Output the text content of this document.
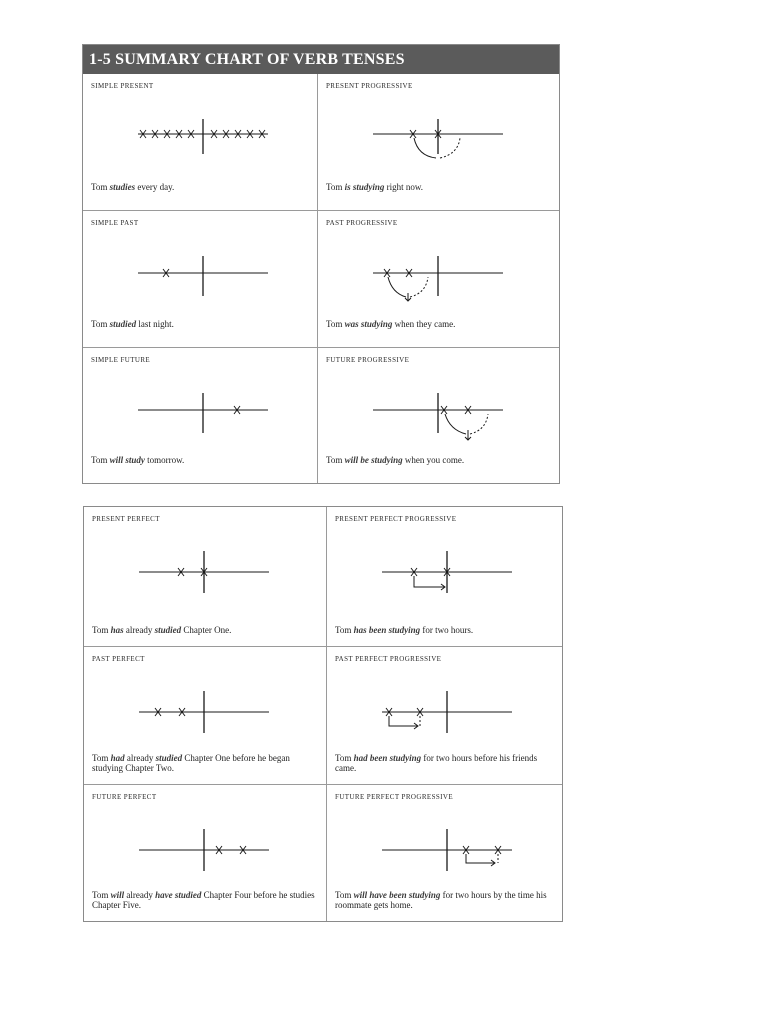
1-5 SUMMARY CHART OF VERB TENSES
SIMPLE PRESENT
Tom studies every day.
PRESENT PROGRESSIVE
Tom is studying right now.
SIMPLE PAST
Tom studied last night.
PAST PROGRESSIVE
Tom was studying when they came.
SIMPLE FUTURE
Tom will study tomorrow.
FUTURE PROGRESSIVE
Tom will be studying when you come.
PRESENT PERFECT
Tom has already studied Chapter One.
PRESENT PERFECT PROGRESSIVE
Tom has been studying for two hours.
PAST PERFECT
Tom had already studied Chapter One before he began studying Chapter Two.
PAST PERFECT PROGRESSIVE
Tom had been studying for two hours before his friends came.
FUTURE PERFECT
Tom will already have studied Chapter Four before he studies Chapter Five.
FUTURE PERFECT PROGRESSIVE
Tom will have been studying for two hours by the time his roommate gets home.
